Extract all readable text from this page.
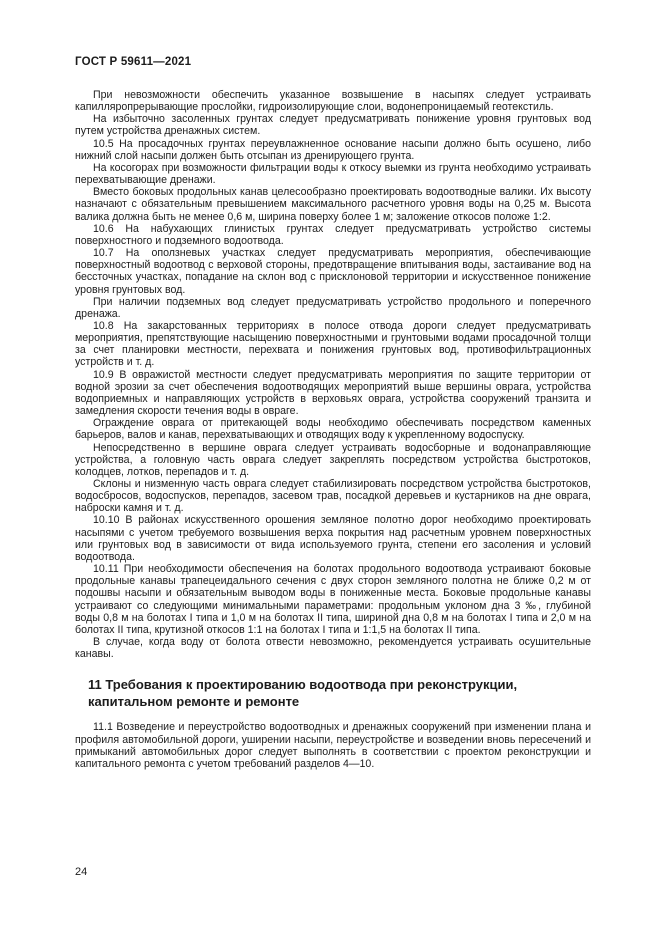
ГОСТ Р 59611—2021

При невозможности обеспечить указанное возвышение в насыпях следует устраивать капилляропрерывающие прослойки, гидроизолирующие слои, водонепроницаемый геотекстиль.

На избыточно засоленных грунтах следует предусматривать понижение уровня грунтовых вод путем устройства дренажных систем.

10.5 На просадочных грунтах переувлажненное основание насыпи должно быть осушено, либо нижний слой насыпи должен быть отсыпан из дренирующего грунта.

На косогорах при возможности фильтрации воды к откосу выемки из грунта необходимо устраивать перехватывающие дренажи.

Вместо боковых продольных канав целесообразно проектировать водоотводные валики. Их высоту назначают с обязательным превышением максимального расчетного уровня воды на 0,25 м. Высота валика должна быть не менее 0,6 м, ширина поверху более 1 м; заложение откосов положе 1:2.

10.6 На набухающих глинистых грунтах следует предусматривать устройство системы поверхностного и подземного водоотвода.

10.7 На оползневых участках следует предусматривать мероприятия, обеспечивающие поверхностный водоотвод с верховой стороны, предотвращение впитывания воды, застаивание вод на бессточных участках, попадание на склон вод с присклоновой территории и искусственное понижение уровня грунтовых вод.

При наличии подземных вод следует предусматривать устройство продольного и поперечного дренажа.

10.8 На закарстованных территориях в полосе отвода дороги следует предусматривать мероприятия, препятствующие насыщению поверхностными и грунтовыми водами просадочной толщи за счет планировки местности, перехвата и понижения грунтовых вод, противофильтрационных устройств и т. д.

10.9 В овражистой местности следует предусматривать мероприятия по защите территории от водной эрозии за счет обеспечения водоотводящих мероприятий выше вершины оврага, устройства водоприемных и направляющих устройств в верховьях оврага, устройства сооружений транзита и замедления скорости течения воды в овраге.

Ограждение оврага от притекающей воды необходимо обеспечивать посредством каменных барьеров, валов и канав, перехватывающих и отводящих воду к укрепленному водоспуску.

Непосредственно в вершине оврага следует устраивать водосборные и водонаправляющие устройства, а головную часть оврага следует закреплять посредством устройства быстротоков, колодцев, лотков, перепадов и т. д.

Склоны и низменную часть оврага следует стабилизировать посредством устройства быстротоков, водосбросов, водоспусков, перепадов, засевом трав, посадкой деревьев и кустарников на дне оврага, наброски камня и т. д.

10.10 В районах искусственного орошения земляное полотно дорог необходимо проектировать насыпями с учетом требуемого возвышения верха покрытия над расчетным уровнем поверхностных или грунтовых вод в зависимости от вида используемого грунта, степени его засоления и условий водоотвода.

10.11 При необходимости обеспечения на болотах продольного водоотвода устраивают боковые продольные канавы трапецеидального сечения с двух сторон земляного полотна не ближе 0,2 м от подошвы насыпи и обязательным выводом воды в пониженные места. Боковые продольные канавы устраивают со следующими минимальными параметрами: продольным уклоном дна 3 ‰, глубиной воды 0,8 м на болотах I типа и 1,0 м на болотах II типа, шириной дна 0,8 м на болотах I типа и 2,0 м на болотах II типа, крутизной откосов 1:1 на болотах I типа и 1:1,5 на болотах II типа.

В случае, когда воду от болота отвести невозможно, рекомендуется устраивать осушительные канавы.

11 Требования к проектированию водоотвода при реконструкции,
капитальном ремонте и ремонте

11.1 Возведение и переустройство водоотводных и дренажных сооружений при изменении плана и профиля автомобильной дороги, уширении насыпи, переустройстве и возведении вновь пересечений и примыканий автомобильных дорог следует выполнять в соответствии с проектом реконструкции и капитального ремонта с учетом требований разделов 4—10.

24
